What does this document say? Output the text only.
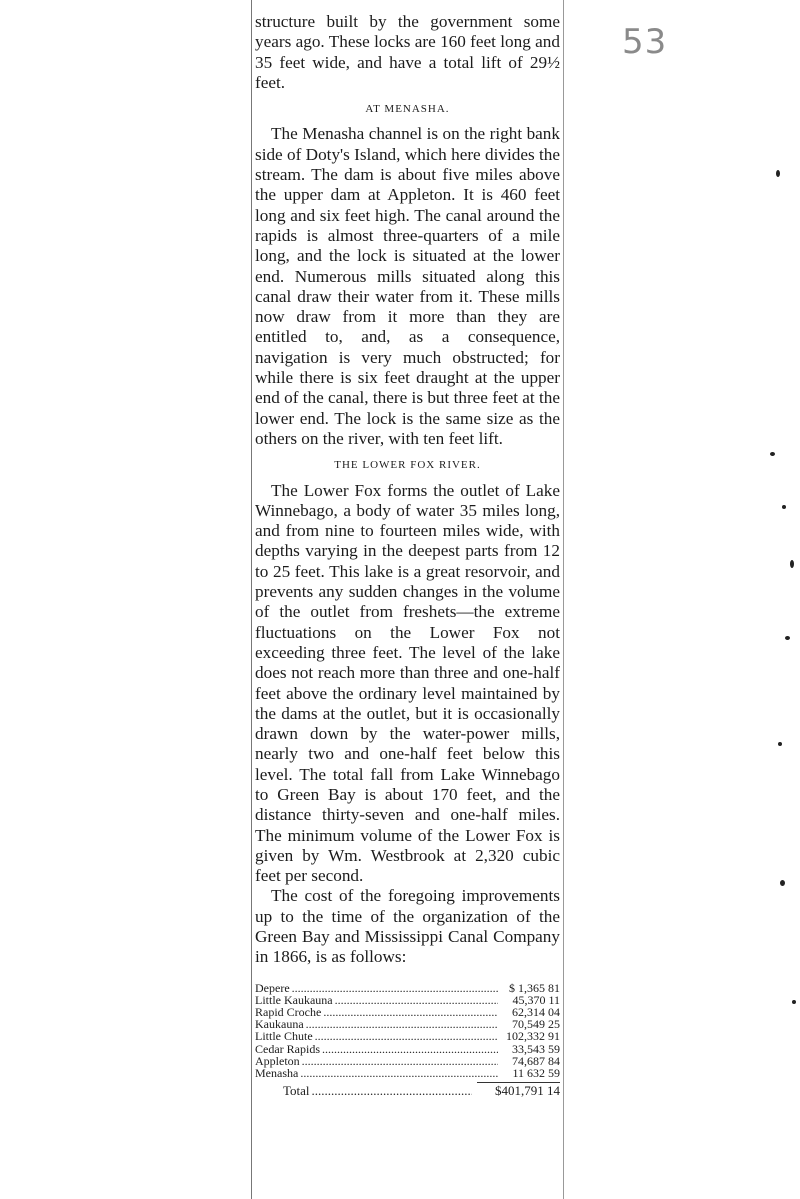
53

structure built by the government some years ago. These locks are 160 feet long and 35 feet wide, and have a total lift of 29½ feet.

AT MENASHA.

The Menasha channel is on the right bank side of Doty's Island, which here divides the stream. The dam is about five miles above the upper dam at Appleton. It is 460 feet long and six feet high. The canal around the rapids is almost three-quarters of a mile long, and the lock is situated at the lower end. Numerous mills situated along this canal draw their water from it. These mills now draw from it more than they are entitled to, and, as a consequence, navigation is very much obstructed; for while there is six feet draught at the upper end of the canal, there is but three feet at the lower end. The lock is the same size as the others on the river, with ten feet lift.

THE LOWER FOX RIVER.

The Lower Fox forms the outlet of Lake Winnebago, a body of water 35 miles long, and from nine to fourteen miles wide, with depths varying in the deepest parts from 12 to 25 feet. This lake is a great resorvoir, and prevents any sudden changes in the volume of the outlet from freshets—the extreme fluctuations on the Lower Fox not exceeding three feet. The level of the lake does not reach more than three and one-half feet above the ordinary level maintained by the dams at the outlet, but it is occasionally drawn down by the water-power mills, nearly two and one-half feet below this level. The total fall from Lake Winnebago to Green Bay is about 170 feet, and the distance thirty-seven and one-half miles. The minimum volume of the Lower Fox is given by Wm. Westbrook at 2,320 cubic feet per second.

The cost of the foregoing improvements up to the time of the organization of the Green Bay and Mississippi Canal Company in 1866, is as follows:

Depere .....	$ 1,365 81
Little Kaukauna .....	45,370 11
Rapid Croche .....	62,314 04
Kaukauna .....	70,549 25
Little Chute .....	102,332 91
Cedar Rapids .....	33,543 59
Appleton .....	74,687 84
Menasha .....	11 632 59
Total .....	$401,791 14
